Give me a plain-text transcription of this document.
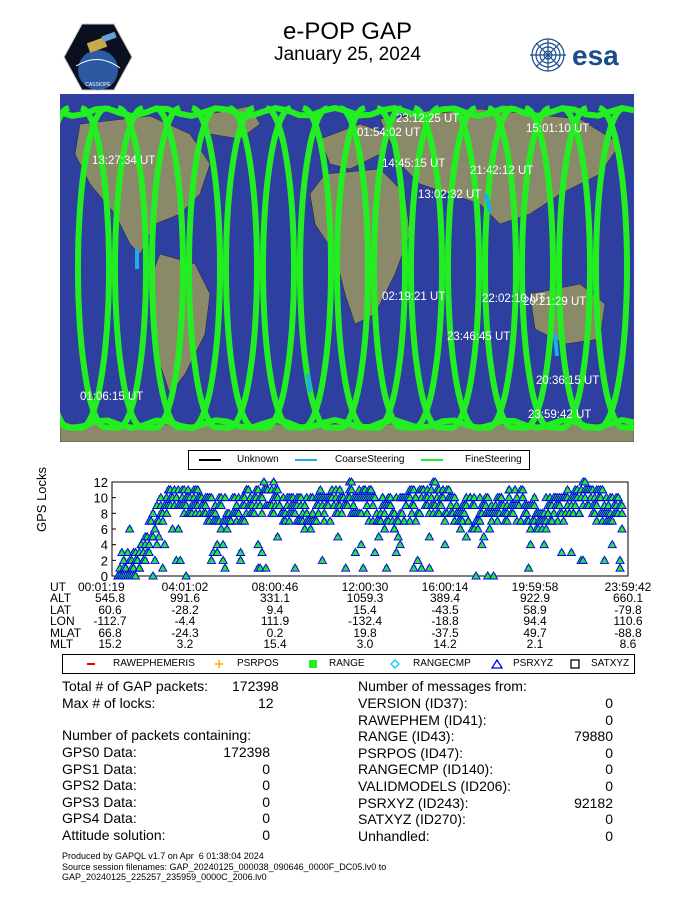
e-POP GAP
January 25, 2024
CASSIOPE
esa
23:12:25 UT
01:54:02 UT	15:01:10 UT
13:27:34 UT	14:45:15 UT
21:42:12 UT
13:02:32 UT
02:19:21 UT	22:02:10 UT
20:21:29 UT
23:46:45 UT
20:36:15 UT
01:06:15 UT
23:59:42 UT
Unknown	CoarseSteering	FineSteering
GPS Locks
0
2
4
6
8
10
12
UT 00:01:19	04:01:02	08:00:46	12:00:30	16:00:14	19:59:58	23:59:42
ALT	545.8	991.6	331.1	1059.3	389.4	922.9	660.1
LAT	60.6	-28.2	9.4	15.4	-43.5	58.9	-79.8
LON	-112.7	-4.4	111.9	-132.4	-18.8	94.4	110.6
MLAT	66.8	-24.3	0.2	19.8	-37.5	49.7	-88.8
MLT	15.2	3.2	15.4	3.0	14.2	2.1	8.6
RAWEPHEMERIS	PSRPOS	RANGE	RANGECMP	PSRXYZ	SATXYZ
Total # of GAP packets: 172398
Max # of locks:	12
Number of packets containing:
GPS0 Data:	172398
GPS1 Data:	0
GPS2 Data:	0
GPS3 Data:	0
GPS4 Data:	0
Attitude solution:	0
Number of messages from:
VERSION (ID37):	0
RAWEPHEM (ID41):	0
RANGE (ID43):	79880
PSRPOS (ID47):	0
RANGECMP (ID140):	0
VALIDMODELS (ID206):	0
PSRXYZ (ID243):	92182
SATXYZ (ID270):	0
Unhandled:	0
Produced by GAPQL v1.7 on Apr  6 01:38:04 2024
Source session filenames: GAP_20240125_000038_090646_0000F_DC05.lv0 to
GAP_20240125_225257_235959_0000C_2006.lv0
